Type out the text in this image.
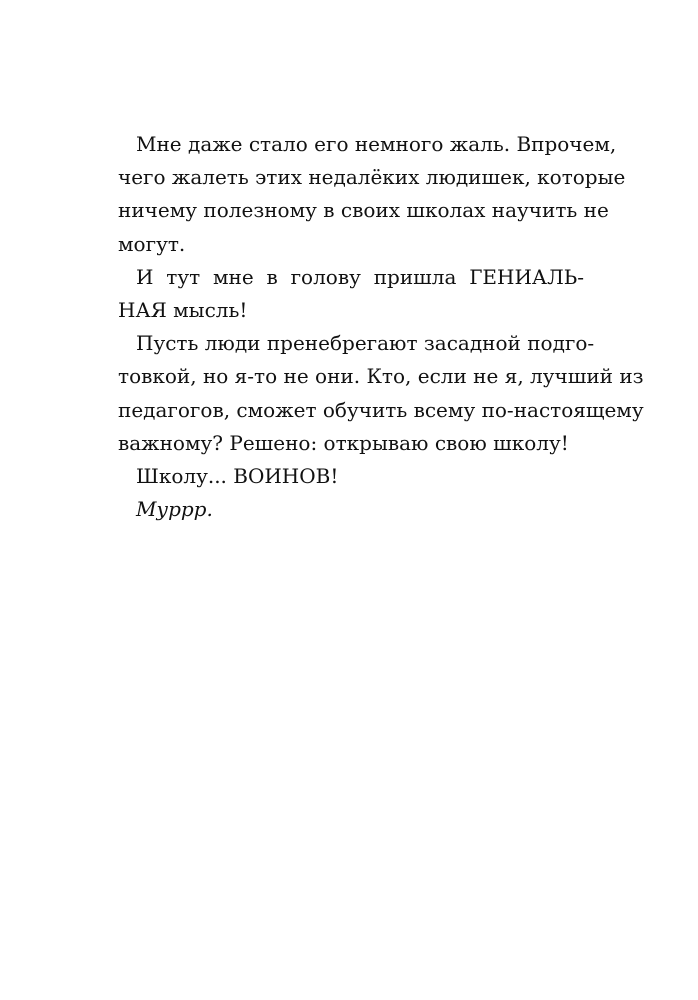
Мне даже стало его немного жаль. Впрочем,
чего жалеть этих недалёких людишек, которые
ничему полезному в своих школах научить не
могут.
И тут мне в голову пришла ГЕНИАЛЬ-
НАЯ мысль!
Пусть люди пренебрегают засадной подго-
товкой, но я-то не они. Кто, если не я, лучший из
педагогов, сможет обучить всему по-настоящему
важному? Решено: открываю свою школу!
Школу... ВОИНОВ!
Муррр.
